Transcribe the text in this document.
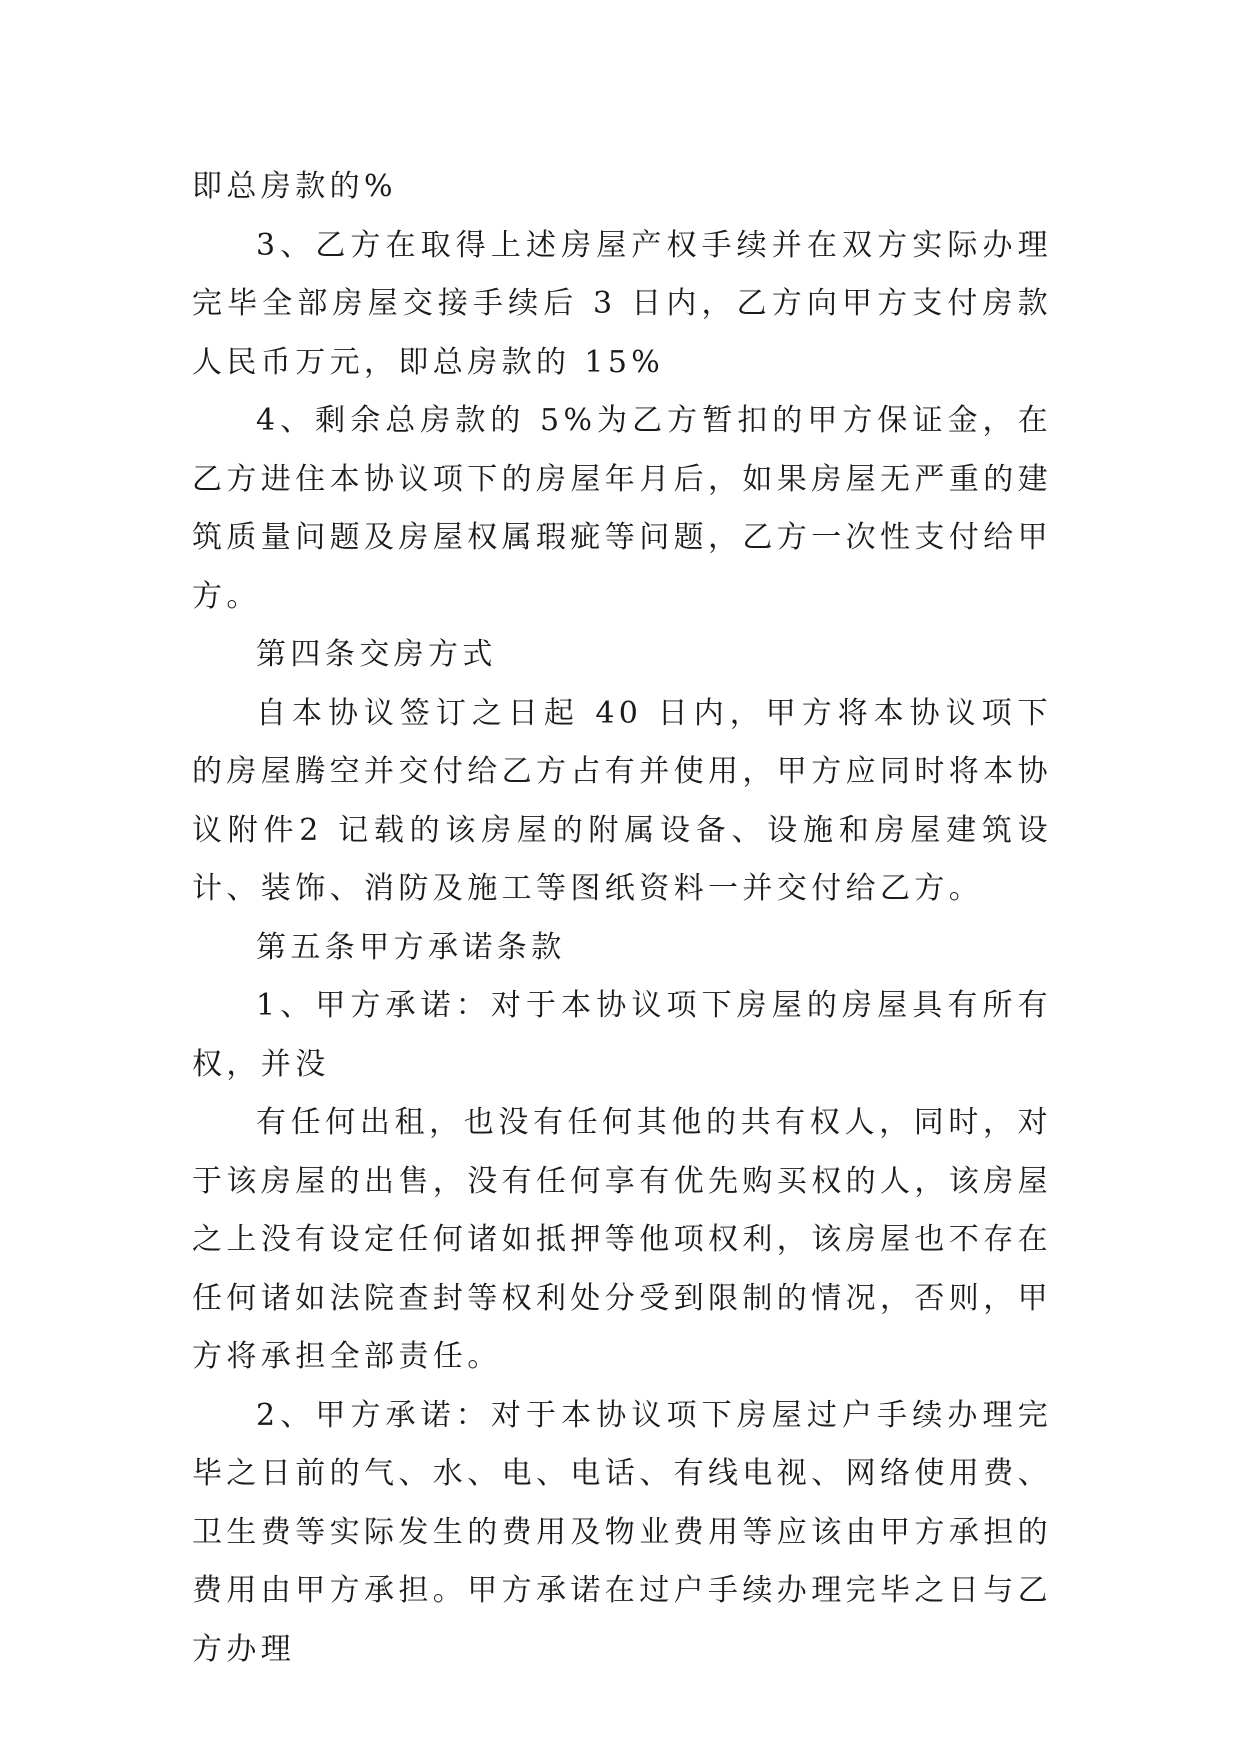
即总房款的%

3、乙方在取得上述房屋产权手续并在双方实际办理完毕全部房屋交接手续后 3 日内，乙方向甲方支付房款人民币万元，即总房款的 15%

4、剩余总房款的 5%为乙方暂扣的甲方保证金，在乙方进住本协议项下的房屋年月后，如果房屋无严重的建筑质量问题及房屋权属瑕疵等问题，乙方一次性支付给甲方。

第四条交房方式

自本协议签订之日起 40 日内，甲方将本协议项下的房屋腾空并交付给乙方占有并使用，甲方应同时将本协议附件2 记载的该房屋的附属设备、设施和房屋建筑设计、装饰、消防及施工等图纸资料一并交付给乙方。

第五条甲方承诺条款

1、甲方承诺：对于本协议项下房屋的房屋具有所有权，并没

有任何出租，也没有任何其他的共有权人，同时，对于该房屋的出售，没有任何享有优先购买权的人，该房屋之上没有设定任何诸如抵押等他项权利，该房屋也不存在任何诸如法院查封等权利处分受到限制的情况，否则，甲方将承担全部责任。

2、甲方承诺：对于本协议项下房屋过户手续办理完毕之日前的气、水、电、电话、有线电视、网络使用费、卫生费等实际发生的费用及物业费用等应该由甲方承担的费用由甲方承担。甲方承诺在过户手续办理完毕之日与乙方办理
